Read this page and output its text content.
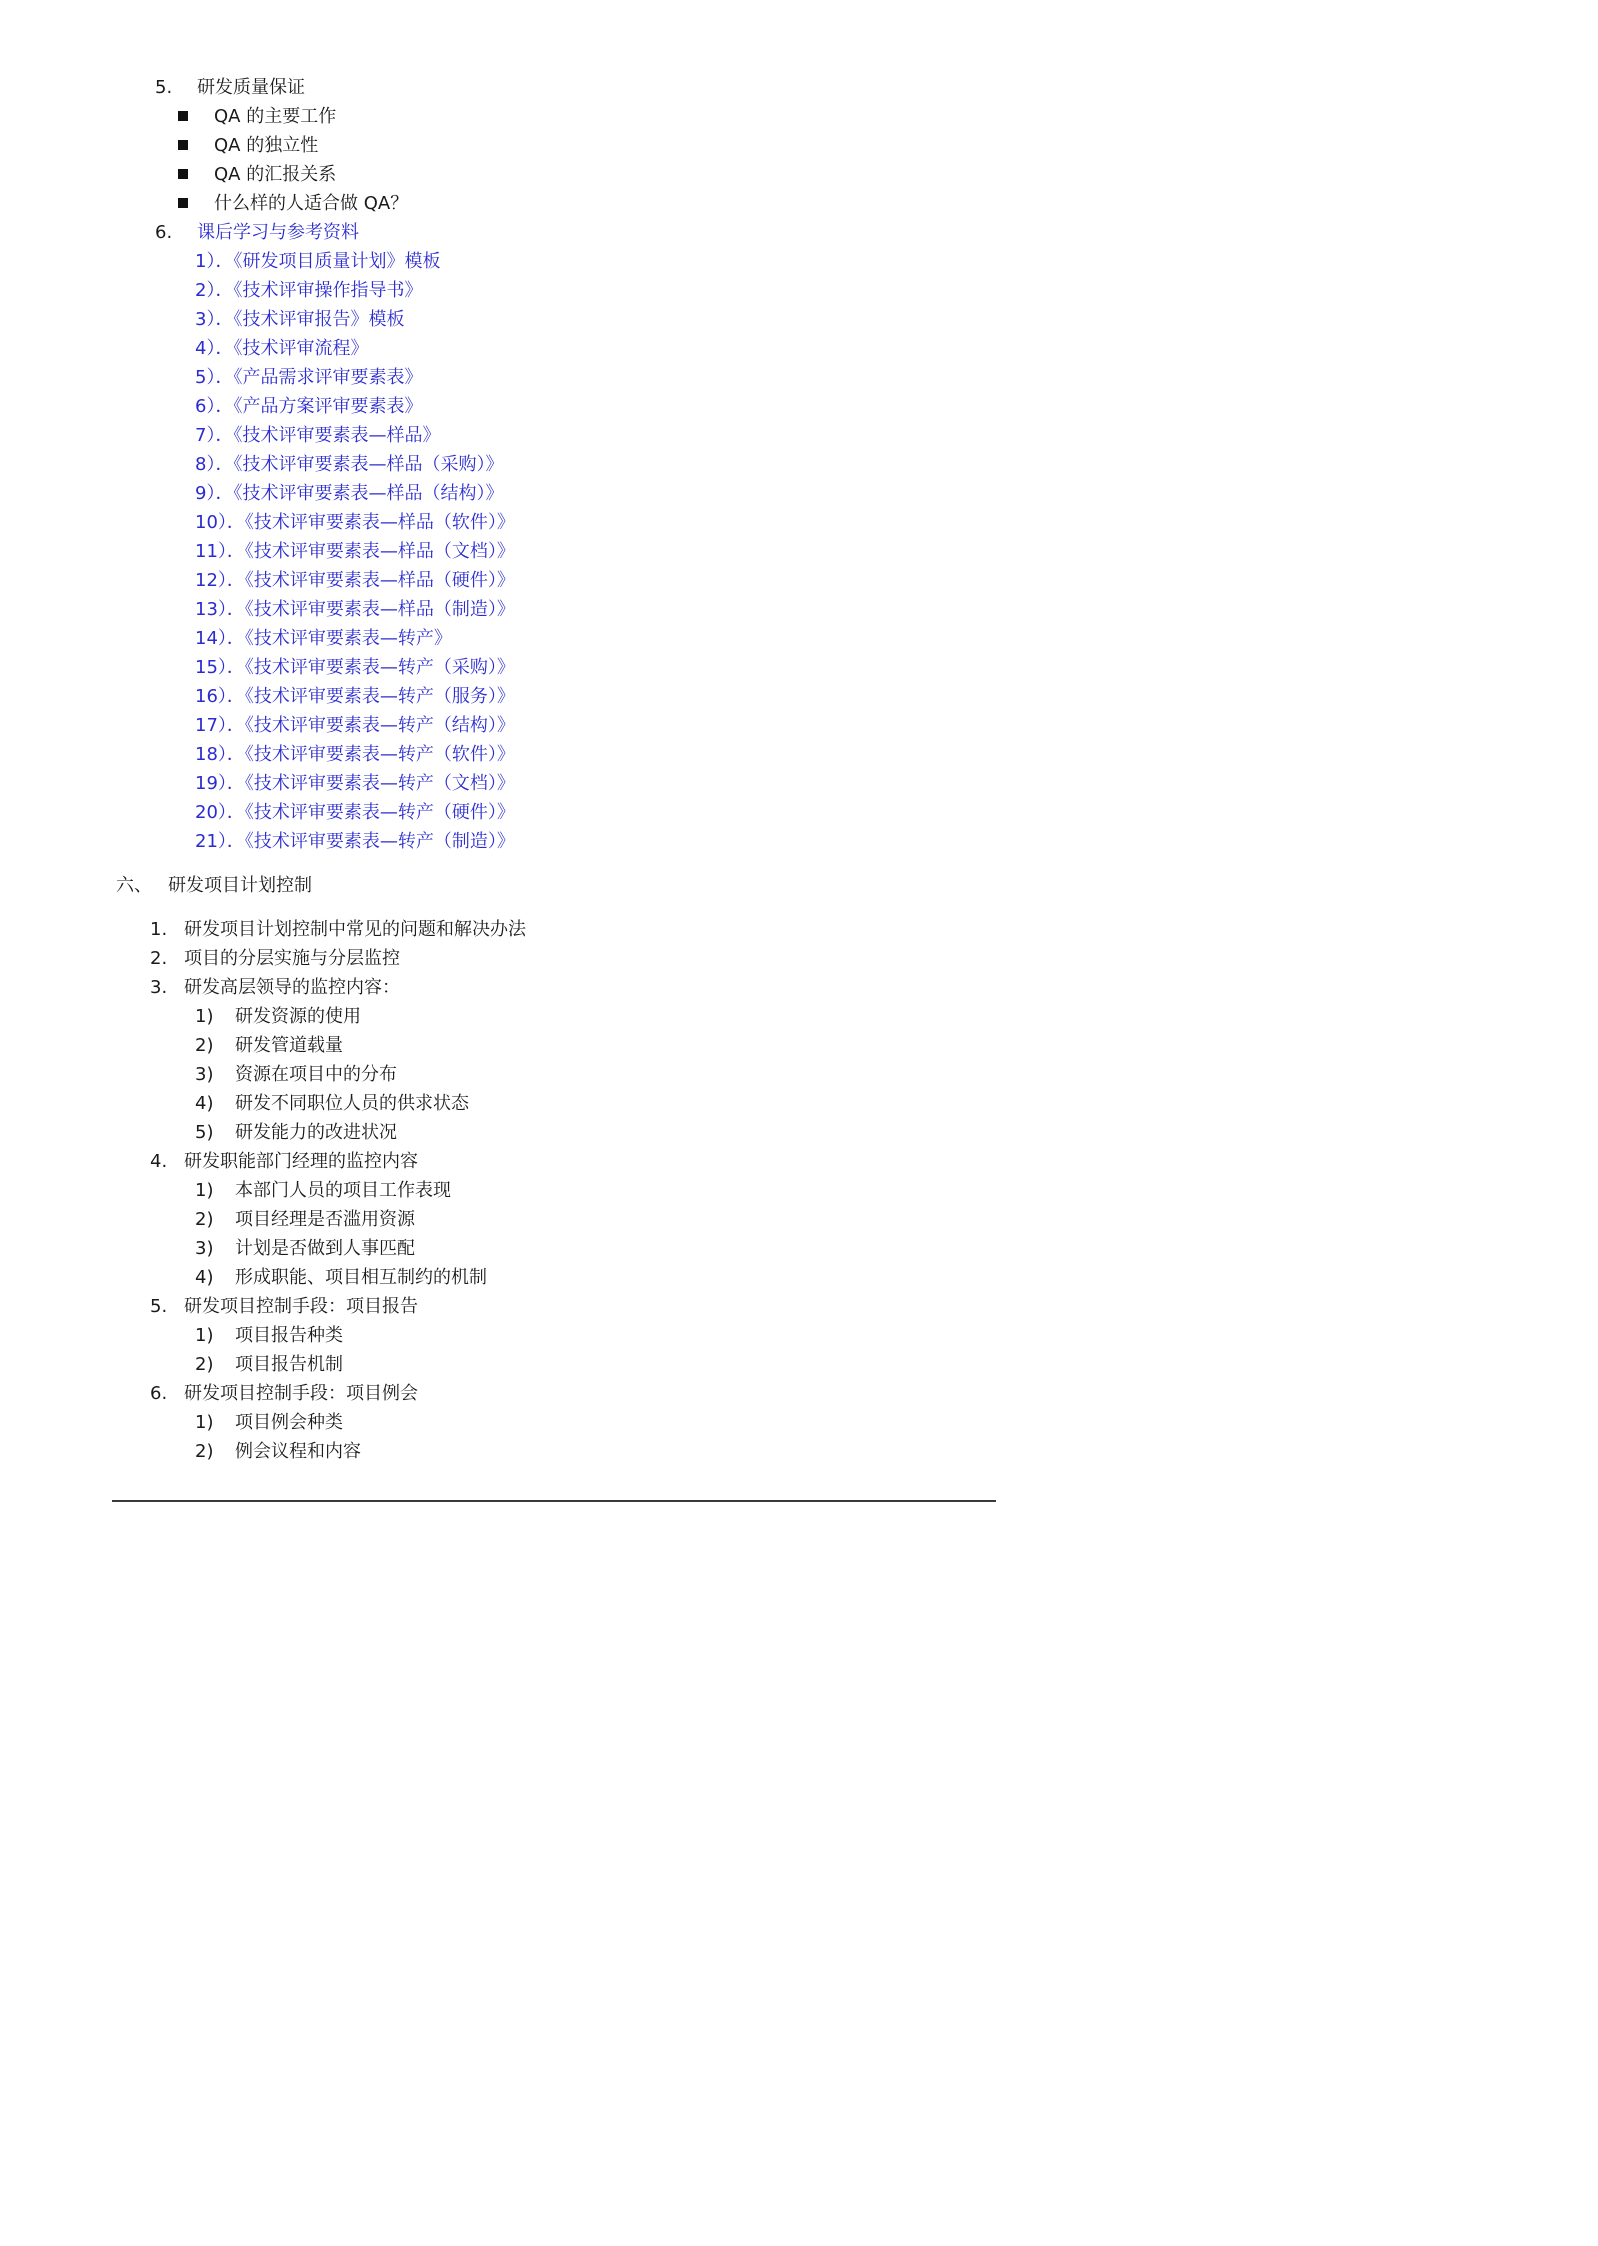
5. 研发质量保证
QA 的主要工作
QA 的独立性
QA 的汇报关系
什么样的人适合做 QA？
6. 课后学习与参考资料
1）．《研发项目质量计划》模板
2）．《技术评审操作指导书》
3）．《技术评审报告》模板
4）．《技术评审流程》
5）．《产品需求评审要素表》
6）．《产品方案评审要素表》
7）．《技术评审要素表—样品》
8）．《技术评审要素表—样品（采购）》
9）．《技术评审要素表—样品（结构）》
10）．《技术评审要素表—样品（软件）》
11）．《技术评审要素表—样品（文档）》
12）．《技术评审要素表—样品（硬件）》
13）．《技术评审要素表—样品（制造）》
14）．《技术评审要素表—转产》
15）．《技术评审要素表—转产（采购）》
16）．《技术评审要素表—转产（服务）》
17）．《技术评审要素表—转产（结构）》
18）．《技术评审要素表—转产（软件）》
19）．《技术评审要素表—转产（文档）》
20）．《技术评审要素表—转产（硬件）》
21）．《技术评审要素表—转产（制造）》
六、 研发项目计划控制
1. 研发项目计划控制中常见的问题和解决办法
2. 项目的分层实施与分层监控
3. 研发高层领导的监控内容：
1) 研发资源的使用
2) 研发管道载量
3) 资源在项目中的分布
4) 研发不同职位人员的供求状态
5) 研发能力的改进状况
4. 研发职能部门经理的监控内容
1) 本部门人员的项目工作表现
2) 项目经理是否滥用资源
3) 计划是否做到人事匹配
4) 形成职能、项目相互制约的机制
5. 研发项目控制手段：项目报告
1) 项目报告种类
2) 项目报告机制
6. 研发项目控制手段：项目例会
1) 项目例会种类
2) 例会议程和内容
